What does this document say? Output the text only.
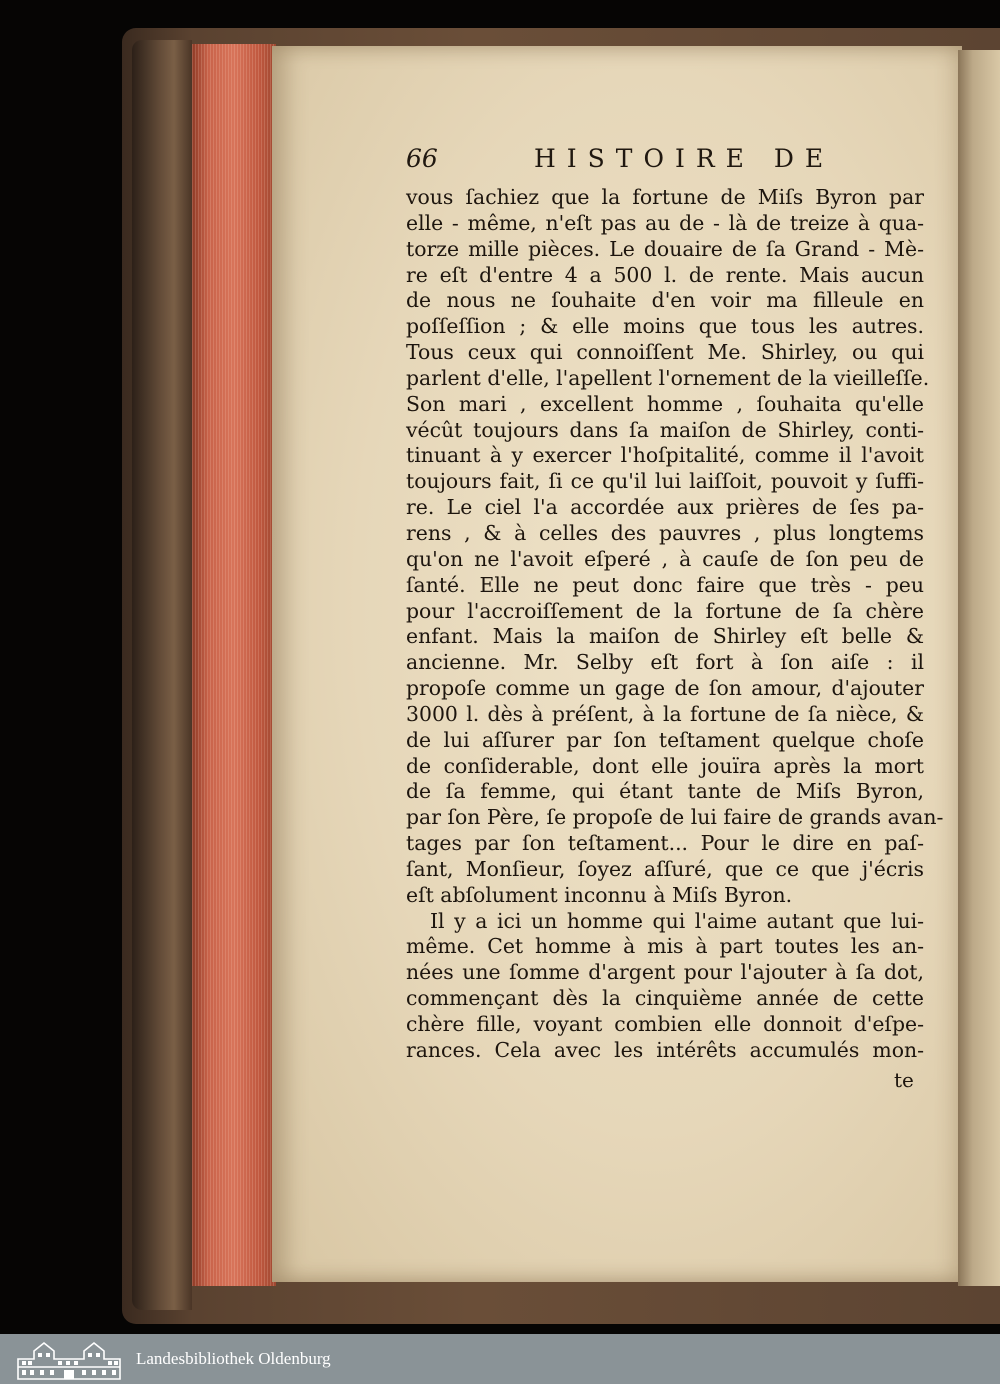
66	HISTOIRE DE
vous ſachiez que la fortune de Miſs Byron par
elle - même, n'eſt pas au de - là de treize à qua-
torze mille pièces. Le douaire de ſa Grand - Mè-
re eſt d'entre 4 a 500 l. de rente. Mais aucun
de nous ne ſouhaite d'en voir ma filleule en
poſſeſſion ; & elle moins que tous les autres.
Tous ceux qui connoiſſent Me. Shirley, ou qui
parlent d'elle, l'apellent l'ornement de la vieilleſſe.
Son mari , excellent homme , ſouhaita qu'elle
vécût toujours dans ſa maiſon de Shirley, conti-
tinuant à y exercer l'hoſpitalité, comme il l'avoit
toujours fait, ſi ce qu'il lui laiſſoit, pouvoit y ſuffi-
re. Le ciel l'a accordée aux prières de ſes pa-
rens , & à celles des pauvres , plus longtems
qu'on ne l'avoit eſperé , à cauſe de ſon peu de
ſanté. Elle ne peut donc faire que très - peu
pour l'accroiſſement de la fortune de ſa chère
enfant. Mais la maiſon de Shirley eſt belle &
ancienne. Mr. Selby eſt fort à ſon aiſe : il
propoſe comme un gage de ſon amour, d'ajouter
3000 l. dès à préſent, à la fortune de ſa nièce, &
de lui aſſurer par ſon teſtament quelque choſe
de conſiderable, dont elle jouïra après la mort
de ſa femme, qui étant tante de Miſs Byron,
par ſon Père, ſe propoſe de lui faire de grands avan-
tages par ſon teſtament... Pour le dire en paſ-
ſant, Monſieur, ſoyez aſſuré, que ce que j'écris
eſt abſolument inconnu à Miſs Byron.
Il y a ici un homme qui l'aime autant que lui-
même. Cet homme à mis à part toutes les an-
nées une ſomme d'argent pour l'ajouter à ſa dot,
commençant dès la cinquième année de cette
chère fille, voyant combien elle donnoit d'eſpe-
rances. Cela avec les intérêts accumulés mon-
te
Landesbibliothek Oldenburg
